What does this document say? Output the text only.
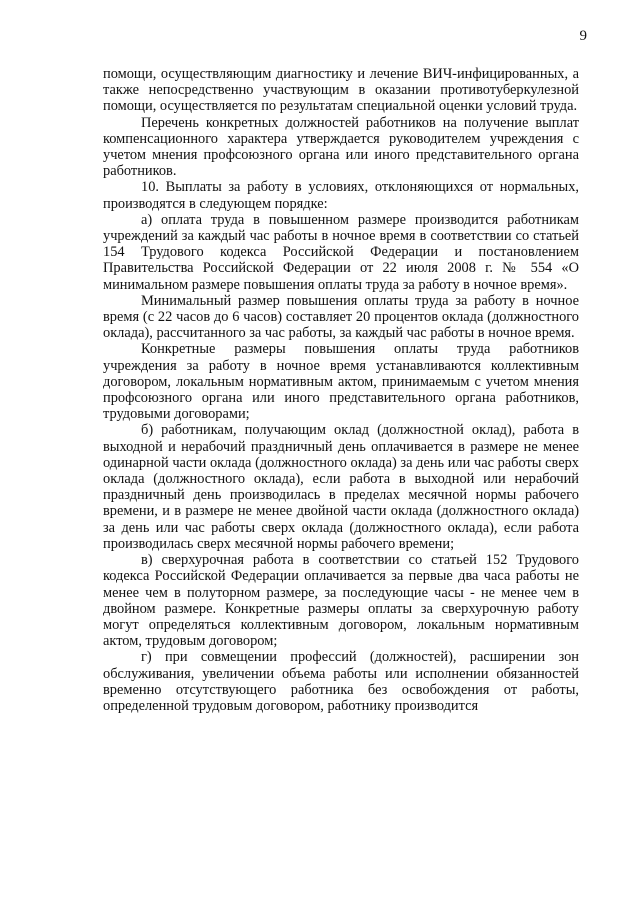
9

помощи, осуществляющим диагностику и лечение ВИЧ-инфицированных, а также непосредственно участвующим в оказании противотуберкулезной помощи, осуществляется по результатам специальной оценки условий труда.

Перечень конкретных должностей работников на получение выплат компенсационного характера утверждается руководителем учреждения с учетом мнения профсоюзного органа или иного представительного органа работников.

10. Выплаты за работу в условиях, отклоняющихся от нормальных, производятся в следующем порядке:

а) оплата труда в повышенном размере производится работникам учреждений за каждый час работы в ночное время в соответствии со статьей 154 Трудового кодекса Российской Федерации и постановлением Правительства Российской Федерации от 22 июля 2008 г. № 554 «О минимальном размере повышения оплаты труда за работу в ночное время».

Минимальный размер повышения оплаты труда за работу в ночное время (с 22 часов до 6 часов) составляет 20 процентов оклада (должностного оклада), рассчитанного за час работы, за каждый час работы в ночное время.

Конкретные размеры повышения оплаты труда работников учреждения за работу в ночное время устанавливаются коллективным договором, локальным нормативным актом, принимаемым с учетом мнения профсоюзного органа или иного представительного органа работников, трудовыми договорами;

б) работникам, получающим оклад (должностной оклад), работа в выходной и нерабочий праздничный день оплачивается в размере не менее одинарной части оклада (должностного оклада) за день или час работы сверх оклада (должностного оклада), если работа в выходной или нерабочий праздничный день производилась в пределах месячной нормы рабочего времени, и в размере не менее двойной части оклада (должностного оклада) за день или час работы сверх оклада (должностного оклада), если работа производилась сверх месячной нормы рабочего времени;

в) сверхурочная работа в соответствии со статьей 152 Трудового кодекса Российской Федерации оплачивается за первые два часа работы не менее чем в полуторном размере, за последующие часы - не менее чем в двойном размере. Конкретные размеры оплаты за сверхурочную работу могут определяться коллективным договором, локальным нормативным актом, трудовым договором;

г) при совмещении профессий (должностей), расширении зон обслуживания, увеличении объема работы или исполнении обязанностей временно отсутствующего работника без освобождения от работы, определенной трудовым договором, работнику производится
